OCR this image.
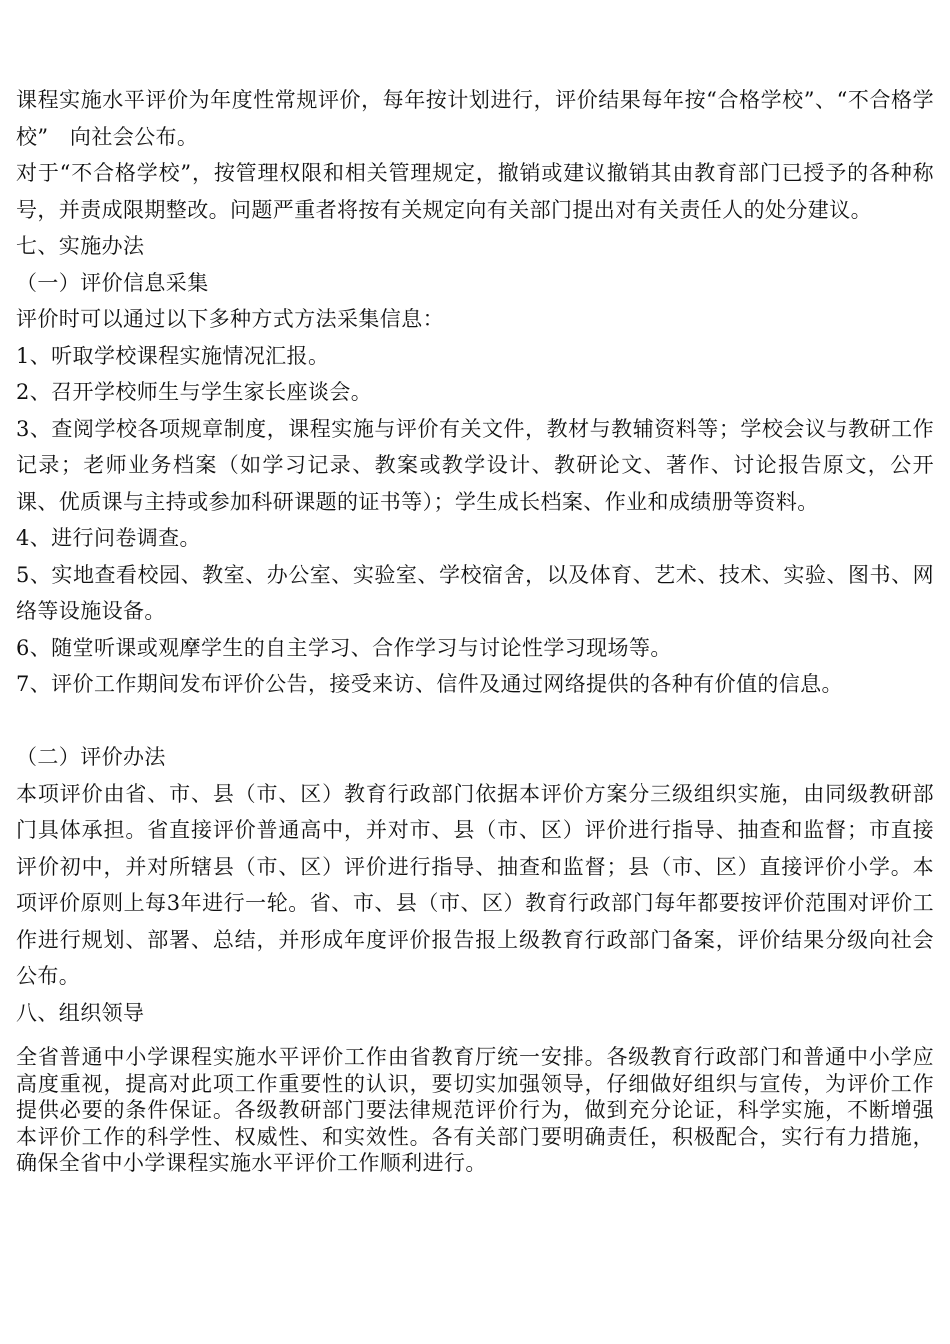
课程实施水平评价为年度性常规评价，每年按计划进行，评价结果每年按“合格学校”、“不合格学校”　向社会公布。

对于“不合格学校”，按管理权限和相关管理规定，撤销或建议撤销其由教育部门已授予的各种称号，并责成限期整改。问题严重者将按有关规定向有关部门提出对有关责任人的处分建议。

七、实施办法

（一）评价信息采集

评价时可以通过以下多种方式方法采集信息：

1、听取学校课程实施情况汇报。

2、召开学校师生与学生家长座谈会。

3、查阅学校各项规章制度，课程实施与评价有关文件，教材与教辅资料等；学校会议与教研工作记录；老师业务档案（如学习记录、教案或教学设计、教研论文、著作、讨论报告原文，公开课、优质课与主持或参加科研课题的证书等）；学生成长档案、作业和成绩册等资料。

4、进行问卷调查。

5、实地查看校园、教室、办公室、实验室、学校宿舍，以及体育、艺术、技术、实验、图书、网络等设施设备。

6、随堂听课或观摩学生的自主学习、合作学习与讨论性学习现场等。

7、评价工作期间发布评价公告，接受来访、信件及通过网络提供的各种有价值的信息。

（二）评价办法

本项评价由省、市、县（市、区）教育行政部门依据本评价方案分三级组织实施，由同级教研部门具体承担。省直接评价普通高中，并对市、县（市、区）评价进行指导、抽查和监督；市直接评价初中，并对所辖县（市、区）评价进行指导、抽查和监督；县（市、区）直接评价小学。本项评价原则上每3年进行一轮。省、市、县（市、区）教育行政部门每年都要按评价范围对评价工作进行规划、部署、总结，并形成年度评价报告报上级教育行政部门备案，评价结果分级向社会公布。

八、组织领导

全省普通中小学课程实施水平评价工作由省教育厅统一安排。各级教育行政部门和普通中小学应高度重视，提高对此项工作重要性的认识，要切实加强领导，仔细做好组织与宣传，为评价工作提供必要的条件保证。各级教研部门要法律规范评价行为，做到充分论证，科学实施，不断增强本评价工作的科学性、权威性、和实效性。各有关部门要明确责任，积极配合，实行有力措施，确保全省中小学课程实施水平评价工作顺利进行。
